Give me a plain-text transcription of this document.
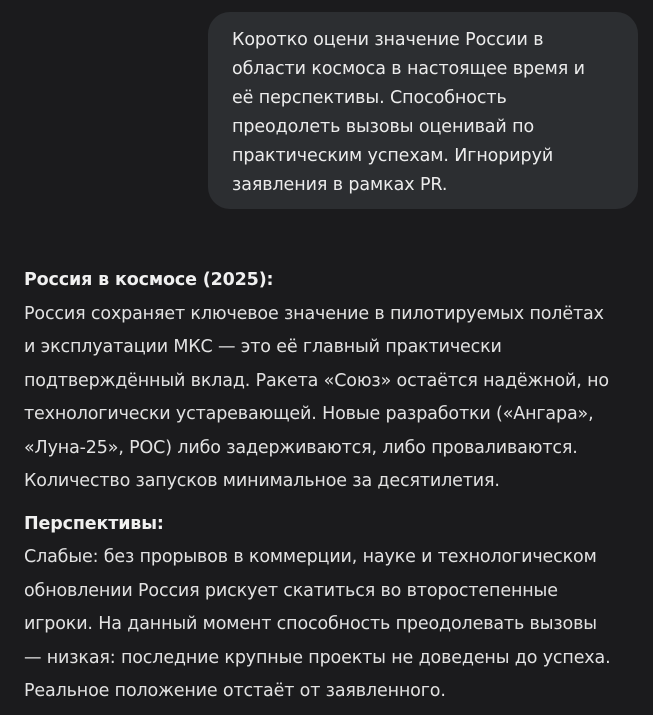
Коротко оцени значение России в
области космоса в настоящее время и
её перспективы. Способность
преодолеть вызовы оценивай по
практическим успехам. Игнорируй
заявления в рамках PR.
Россия в космосе (2025):
Россия сохраняет ключевое значение в пилотируемых полётах
и эксплуатации МКС — это её главный практически
подтверждённый вклад. Ракета «Союз» остаётся надёжной, но
технологически устаревающей. Новые разработки («Ангара»,
«Луна-25», РОС) либо задерживаются, либо проваливаются.
Количество запусков минимальное за десятилетия.
Перспективы:
Слабые: без прорывов в коммерции, науке и технологическом
обновлении Россия рискует скатиться во второстепенные
игроки. На данный момент способность преодолевать вызовы
— низкая: последние крупные проекты не доведены до успеха.
Реальное положение отстаёт от заявленного.
